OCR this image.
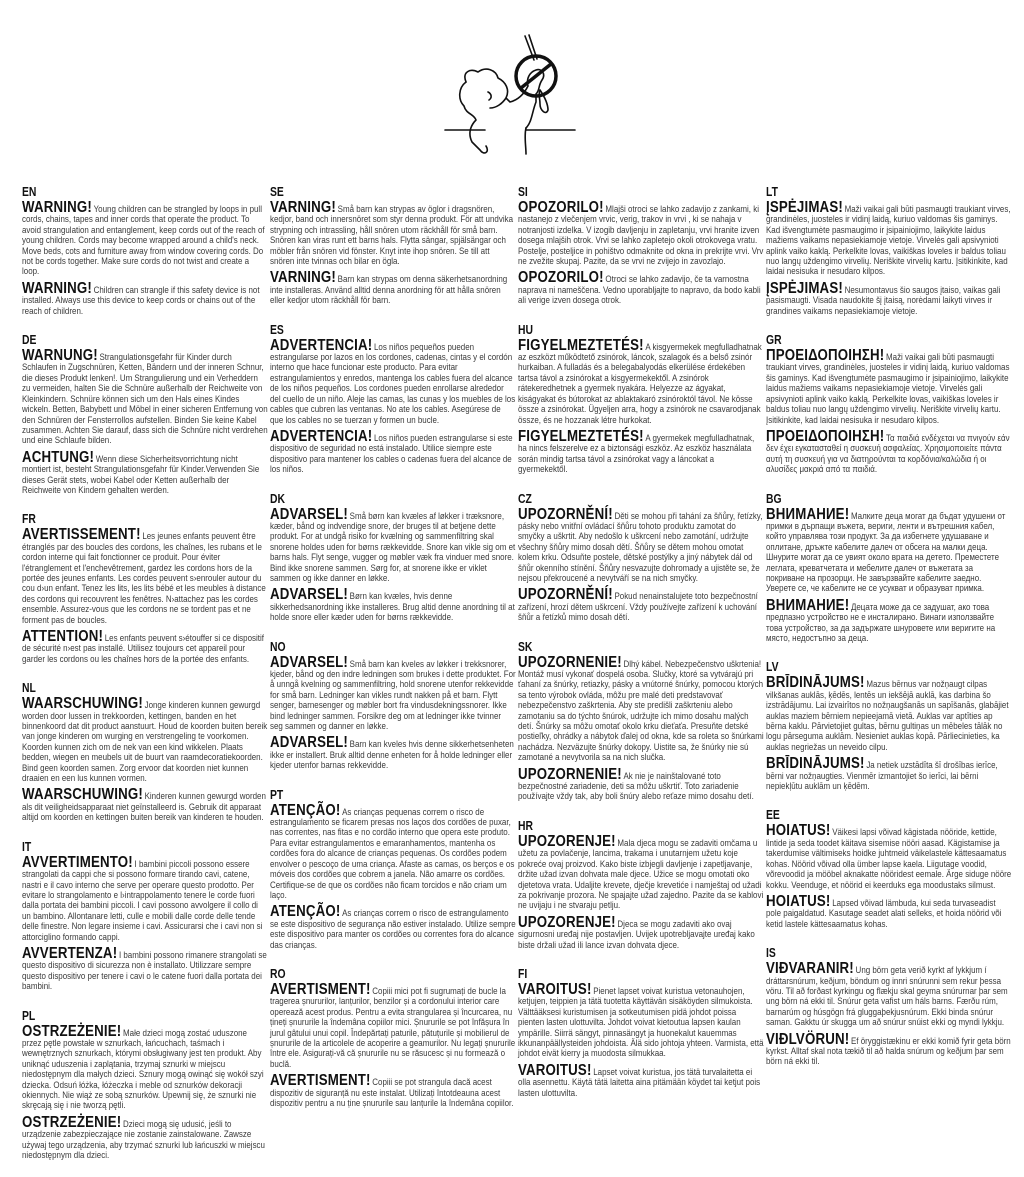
EN

WARNING! Young children can be strangled by loops in pull cords, chains, tapes and inner cords that operate the product. To avoid strangulation and entanglement, keep cords out of the reach of young children. Cords may become wrapped around a child's neck. Move beds, cots and furniture away from window covering cords. Do not be cords together. Make sure cords do not twist and create a loop.

WARNING! Children can strangle if this safety device is not installed. Always use this device to keep cords or chains out of the reach of children.

DE

WARNUNG! Strangulationsgefahr für Kinder durch Schlaufen in Zugschnüren, Ketten, Bändern und der inneren Schnur, die dieses Produkt lenken!. Um Strangulierung und ein Verheddern zu vermeiden, halten Sie die Schnüre außerhalb der Reichweite von Kleinkindern. Schnüre können sich um den Hals eines Kindes wickeln. Betten, Babybett und Möbel in einer sicheren Entfernung von den Schnüren der Fensterrollos aufstellen. Binden Sie keine Kabel zusammen. Achten Sie darauf, dass sich die Schnüre nicht verdrehen und eine Schlaufe bilden.

ACHTUNG! Wenn diese Sicherheitsvorrichtung nicht montiert ist, besteht Strangulationsgefahr für Kinder.Verwenden Sie dieses Gerät stets, wobei Kabel oder Ketten außerhalb der Reichweite von Kindern gehalten werden.

FR

AVERTISSEMENT! Les jeunes enfants peuvent être étranglés par des boucles des cordons, les chaînes, les rubans et le cordon interne qui fait fonctionner ce produit. Pour éviter l'étranglement et l'enchevêtrement, gardez les cordons hors de la portée des jeunes enfants. Les cordes peuvent s›enrouler autour du cou d›un enfant. Tenez les lits, les lits bébé et les meubles à distance des cordons qui recouvrent les fenêtres. N›attachez pas les cordes ensemble. Assurez-vous que les cordons ne se tordent pas et ne forment pas de boucles.

ATTENTION! Les enfants peuvent s›étouffer si ce dispositif de sécurité n›est pas installé. Utilisez toujours cet appareil pour garder les cordons ou les chaînes hors de la portée des enfants.

NL

WAARSCHUWING! Jonge kinderen kunnen gewurgd worden door lussen in trekkoorden, kettingen, banden en het binnenkoord dat dit product aanstuurt. Houd de koorden buiten bereik van jonge kinderen om wurging en verstrengeling te voorkomen. Koorden kunnen zich om de nek van een kind wikkelen. Plaats bedden, wiegen en meubels uit de buurt van raamdecoratiekoorden. Bind geen koorden samen. Zorg ervoor dat koorden niet kunnen draaien en een lus kunnen vormen.

WAARSCHUWING! Kinderen kunnen gewurgd worden als dit veiligheidsapparaat niet geïnstalleerd is. Gebruik dit apparaat altijd om koorden en kettingen buiten bereik van kinderen te houden.

IT

AVVERTIMENTO! I bambini piccoli possono essere strangolati da cappi che si possono formare tirando cavi, catene, nastri e il cavo interno che serve per operare questo prodotto. Per evitare lo strangolamento e l›intrappolamento tenere le corde fuori dalla portata dei bambini piccoli. I cavi possono avvolgere il collo di un bambino. Allontanare letti, culle e mobili dalle corde delle tende delle finestre. Non legare insieme i cavi. Assicurarsi che i cavi non si attorciglino formando cappi.

AVVERTENZA! I bambini possono rimanere strangolati se questo dispositivo di sicurezza non è installato. Utilizzare sempre questo dispositivo per tenere i cavi o le catene fuori dalla portata dei bambini.

PL

OSTRZEŻENIE! Małe dzieci mogą zostać uduszone przez pętle powstałe w sznurkach, łańcuchach, taśmach i wewnętrznych sznurkach, którymi obsługiwany jest ten produkt. Aby uniknąć uduszenia i zaplątania, trzymaj sznurki w miejscu niedostępnym dla małych dzieci. Sznury mogą owinąć się wokół szyi dziecka. Odsuń łóżka, łóżeczka i meble od sznurków dekoracji okiennych. Nie wiąż ze sobą sznurków. Upewnij się, że sznurki nie skręcają się i nie tworzą pętli.

OSTRZEŻENIE! Dzieci mogą się udusić, jeśli to urządzenie zabezpieczające nie zostanie zainstalowane. Zawsze używaj tego urządzenia, aby trzymać sznurki lub łańcuszki w miejscu niedostępnym dla dzieci.

SE

VARNING! Små barn kan strypas av öglor i dragsnören, kedjor, band och innersnöret som styr denna produkt. För att undvika strypning och intrassling, håll snören utom räckhåll för små barn. Snören kan viras runt ett barns hals. Flytta sängar, spjälsängar och möbler från snören vid fönster. Knyt inte ihop snören. Se till att snören inte tvinnas och bilar en ögla.

VARNING! Barn kan strypas om denna säkerhetsanordning inte installeras. Använd alltid denna anordning för att hålla snören eller kedjor utom räckhåll för barn.

ES

ADVERTENCIA! Los niños pequeños pueden estrangularse por lazos en los cordones, cadenas, cintas y el cordón interno que hace funcionar este producto. Para evitar estrangulamientos y enredos, mantenga los cables fuera del alcance de los niños pequeños. Los cordones pueden enrollarse alrededor del cuello de un niño. Aleje las camas, las cunas y los muebles de los cables que cubren las ventanas. No ate los cables. Asegúrese de que los cables no se tuerzan y formen un bucle.

ADVERTENCIA! Los niños pueden estrangularse si este dispositivo de seguridad no está instalado. Utilice siempre este dispositivo para mantener los cables o cadenas fuera del alcance de los niños.

DK

ADVARSEL! Små børn kan kvæles af løkker i træksnore, kæder, bånd og indvendige snore, der bruges til at betjene dette produkt. For at undgå risiko for kvælning og sammenfiltring skal snorene holdes uden for børns rækkevidde. Snore kan vikle sig om et barns hals. Flyt senge, vugger og møbler væk fra vinduer med snore. Bind ikke snorene sammen. Sørg for, at snorene ikke er viklet sammen og ikke danner en løkke.

ADVARSEL! Børn kan kvæles, hvis denne sikkerhedsanordning ikke installeres. Brug altid denne anordning til at holde snore eller kæder uden for børns rækkevidde.

NO

ADVARSEL! Små barn kan kveles av løkker i trekksnorer, kjeder, bånd og den indre ledningen som brukes i dette produktet. For å unngå kvelning og sammenfiltring, hold snorene utenfor rekkevidde for små barn. Ledninger kan vikles rundt nakken på et barn. Flytt senger, barnesenger og møbler bort fra vindusdekningssnorer. Ikke bind ledninger sammen. Forsikre deg om at ledninger ikke tvinner seg sammen og danner en løkke.

ADVARSEL! Barn kan kveles hvis denne sikkerhetsenheten ikke er installert. Bruk alltid denne enheten for å holde ledninger eller kjeder utenfor barnas rekkevidde.

PT

ATENÇÃO! As crianças pequenas correm o risco de estrangulamento se ficarem presas nos laços dos cordões de puxar, nas correntes, nas fitas e no cordão interno que opera este produto. Para evitar estrangulamentos e emaranhamentos, mantenha os cordões fora do alcance de crianças pequenas. Os cordões podem envolver o pescoço de uma criança. Afaste as camas, os berços e os móveis dos cordões que cobrem a janela. Não amarre os cordões. Certifique-se de que os cordões não ficam torcidos e não criam um laço.

ATENÇÃO! As crianças correm o risco de estrangulamento se este dispositivo de segurança não estiver instalado. Utilize sempre este dispositivo para manter os cordões ou correntes fora do alcance das crianças.

RO

AVERTISMENT! Copiii mici pot fi sugrumați de bucle la tragerea șnururilor, lanțurilor, benzilor și a cordonului interior care operează acest produs. Pentru a evita strangularea și încurcarea, nu țineți șnururile la îndemâna copiilor mici. Șnururile se pot înfășura în jurul gâtului unui copil. Îndepărtați paturile, pătuțurile și mobilierul de șnururile de la articolele de acoperire a geamurilor. Nu legați șnururile între ele. Asigurați-vă că șnururile nu se răsucesc și nu formează o buclă.

AVERTISMENT! Copiii se pot strangula dacă acest dispozitiv de siguranță nu este instalat. Utilizați întotdeauna acest dispozitiv pentru a nu ține șnururile sau lanțurile la îndemâna copiilor.

SI

OPOZORILO! Mlajši otroci se lahko zadavijo z zankami, ki nastanejo z vlečenjem vrvic, verig, trakov in vrvi , ki se nahaja v notranjosti izdelka. V izogib davljenju in zapletanju, vrvi hranite izven dosega mlajših otrok. Vrvi se lahko zapletejo okoli otrokovega vratu. Postelje, posteljice in pohištvo odmaknite od okna in prekrijte vrvi. Vrv ne zvežite skupaj. Pazite, da se vrvi ne zvijejo in zavozlajo.

OPOZORILO! Otroci se lahko zadavijo, če ta varnostna naprava ni nameščena. Vedno uporabljajte to napravo, da bodo kabli ali verige izven dosega otrok.

HU

FIGYELMEZTETÉS! A kisgyermekek megfulladhatnak az eszközt működtető zsinórok, láncok, szalagok és a belső zsinór hurkaiban. A fulladás és a belegabalyodás elkerülése érdekében tartsa távol a zsinórokat a kisgyermekektől. A zsinórok rátekeredhetnek a gyermek nyakára. Helyezze az ágyakat, kiságyakat és bútorokat az ablaktakaró zsinóroktól távol. Ne kösse össze a zsinórokat. Ügyeljen arra, hogy a zsinórok ne csavarodjanak össze, és ne hozzanak létre hurkokat.

FIGYELMEZTETÉS! A gyermekek megfulladhatnak, ha nincs felszerelve ez a biztonsági eszköz. Az eszköz használata során mindig tartsa távol a zsinórokat vagy a láncokat a gyermekektől.

CZ

UPOZORNĚNÍ! Děti se mohou při tahání za šňůry, řetízky, pásky nebo vnitřní ovládací šňůru tohoto produktu zamotat do smyčky a uškrtit. Aby nedošlo k uškrcení nebo zamotání, udržujte všechny šňůry mimo dosah dětí. Šňůry se dětem mohou omotat kolem krku. Odsuňte postele, dětské postýlky a jiný nábytek dál od šňůr okenního stínění. Šňůry nesvazujte dohromady a ujistěte se, že nejsou překroucené a nevytváří se na nich smyčky.

UPOZORNĚNÍ! Pokud nenainstalujete toto bezpečnostní zařízení, hrozí dětem uškrcení. Vždy používejte zařízení k uchování šňůr a řetízků mimo dosah dětí.

SK

UPOZORNENIE! Dlhý kábel. Nebezpečenstvo uškrtenia! Montáž musí vykonať dospelá osoba. Slučky, ktoré sa vytvárajú pri ťahaní za šnúrky, retiazky, pásky a vnútorné šnúrky, pomocou ktorých sa tento výrobok ovláda, môžu pre malé deti predstavovať nebezpečenstvo zaškrtenia. Aby ste predišli zaškrteniu alebo zamotaniu sa do týchto šnúrok, udržujte ich mimo dosahu malých detí. Šnúrky sa môžu omotať okolo krku dieťaťa. Presuňte detské postieľky, ohrádky a nábytok ďalej od okna, kde sa roleta so šnúrkami nachádza. Nezväzujte šnúrky dokopy. Uistite sa, že šnúrky nie sú zamotané a nevytvorila sa na nich slučka.

UPOZORNENIE! Ak nie je nainštalované toto bezpečnostné zariadenie, deti sa môžu uškrtiť. Toto zariadenie používajte vždy tak, aby boli šnúry alebo reťaze mimo dosahu detí.

HR

UPOZORENJE! Mala djeca mogu se zadaviti omčama u užetu za povlačenje, lancima, trakama i unutarnjem užetu koje pokreće ovaj proizvod. Kako biste izbjegli davljenje i zapetljavanje, držite užad izvan dohvata male djece. Užice se mogu omotati oko djetetova vrata. Udaljite krevete, dječje krevetiće i namještaj od užadi za pokrivanje prozora. Ne spajajte užad zajedno. Pazite da se kablovi ne uvijaju i ne stvaraju petlju.

UPOZORENJE! Djeca se mogu zadaviti ako ovaj sigurnosni uređaj nije postavljen. Uvijek upotrebljavajte uređaj kako biste držali užad ili lance izvan dohvata djece.

FI

VAROITUS! Pienet lapset voivat kuristua vetonauhojen, ketjujen, teippien ja tätä tuotetta käyttävän sisäköyden silmukoista. Välttääksesi kuristumisen ja sotkeutumisen pidä johdot poissa pienten lasten ulottuvilta. Johdot voivat kietoutua lapsen kaulan ympärille. Siirrä sängyt, pinnasängyt ja huonekalut kauemmas ikkunanpäällysteiden johdoista. Älä sido johtoja yhteen. Varmista, että johdot eivät kierry ja muodosta silmukkaa.

VAROITUS! Lapset voivat kuristua, jos tätä turvalaitetta ei olla asennettu. Käytä tätä laitetta aina pitämään köydet tai ketjut pois lasten ulottuvilta.

LT

ĮSPĖJIMAS! Maži vaikai gali būti pasmaugti traukiant virves, grandinėles, juosteles ir vidinį laidą, kuriuo valdomas šis gaminys. Kad išvengtumėte pasmaugimo ir įsipainiojimo, laikykite laidus mažiems vaikams nepasiekiamoje vietoje. Virvelės gali apsivynioti aplink vaiko kaklą. Perkelkite lovas, vaikiškas loveles ir baldus toliau nuo langų uždengimo virvelių. Neriškite virvelių kartu. Įsitikinkite, kad laidai nesisuka ir nesudaro kilpos.

ĮSPĖJIMAS! Nesumontavus šio saugos įtaiso, vaikas gali pasismaugti. Visada naudokite šį įtaisą, norėdami laikyti virves ir grandines vaikams nepasiekiamoje vietoje.

GR

ΠΡΟΕΙΔΟΠΟΙΗΣΗ! Maži vaikai gali būti pasmaugti traukiant virves, grandinėles, juosteles ir vidinį laidą, kuriuo valdomas šis gaminys. Kad išvengtumėte pasmaugimo ir įsipainiojimo, laikykite laidus mažiems vaikams nepasiekiamoje vietoje. Virvelės gali apsivynioti aplink vaiko kaklą. Perkelkite lovas, vaikiškas loveles ir baldus toliau nuo langų uždengimo virvelių. Neriškite virvelių kartu. Įsitikinkite, kad laidai nesisuka ir nesudaro kilpos.

ΠΡΟΕΙΔΟΠΟΙΗΣΗ! Τα παιδιά ενδέχεται να πνιγούν εάν δεν έχει εγκατασταθεί η συσκευή ασφαλείας. Χρησιμοποιείτε πάντα αυτή τη συσκευή για να διατηρούνται τα κορδόνια/καλώδια ή οι αλυσίδες μακριά από τα παιδιά.

BG

ВНИМАНИЕ! Малките деца могат да бъдат удушени от примки в дърпащи въжета, вериги, ленти и вътрешния кабел, който управлява този продукт. За да избегнете удушаване и оплитане, дръжте кабелите далеч от обсега на малки деца. Шнурите могат да се увият около врата на детето. Преместете леглата, креватчетата и мебелите далеч от въжетата за покриване на прозорци. Не завързвайте кабелите заедно. Уверете се, че кабелите не се усукват и образуват примка.

ВНИМАНИЕ! Децата може да се задушат, ако това предпазно устройство не е инсталирано. Винаги използвайте това устройство, за да задържате шнуровете или веригите на място, недостъпно за деца.

LV

BRĪDINĀJUMS! Mazus bērnus var nožņaugt cilpas vilkšanas auklās, ķēdēs, lentēs un iekšējā auklā, kas darbina šo izstrādājumu. Lai izvairītos no nožņaugšanās un sapīšanās, glabājiet auklas maziem bērniem nepieejamā vietā. Auklas var aptīties ap bērna kaklu. Pārvietojiet gultas, bērnu gultiņas un mēbeles tālāk no logu pārseguma auklām. Nesieniet auklas kopā. Pārliecinieties, ka auklas negriežas un neveido cilpu.

BRĪDINĀJUMS! Ja netiek uzstādīta šī drošības ierīce, bērni var nožņaugties. Vienmēr izmantojiet šo ierīci, lai bērni nepiekļūtu auklām un ķēdēm.

EE

HOIATUS! Väikesi lapsi võivad kägistada nööride, kettide, lintide ja seda toodet käitava sisemise nööri aasad. Kägistamise ja takerdumise vältimiseks hoidke juhtmeid väikelastele kättesaamatus kohas. Nöörid võivad olla ümber lapse kaela. Liigutage voodid, võrevoodid ja mööbel aknakatte nööridest eemale. Ärge siduge nööre kokku. Veenduge, et nöörid ei keerduks ega moodustaks silmust.

HOIATUS! Lapsed võivad lämbuda, kui seda turvaseadist pole paigaldatud. Kasutage seadet alati selleks, et hoida nöörid või ketid lastele kättesaamatus kohas.

IS

VIÐVARANIR! Ung börn geta verið kyrkt af lykkjum í dráttarsnúrum, keðjum, böndum og innri snúrunni sem rekur þessa vöru. Til að forðast kyrkingu og flækju skal geyma snúrurnar þar sem ung börn ná ekki til. Snúrur geta vafist um háls barns. Færðu rúm, barnarúm og húsgögn frá gluggaþekjusnúrum. Ekki binda snúrur saman. Gakktu úr skugga um að snúrur snúist ekki og myndi lykkju.

VIÐLVÖRUN! Ef öryggistækinu er ekki komið fyrir geta börn kyrkst. Alltaf skal nota tækið til að halda snúrum og keðjum þar sem börn ná ekki til.
